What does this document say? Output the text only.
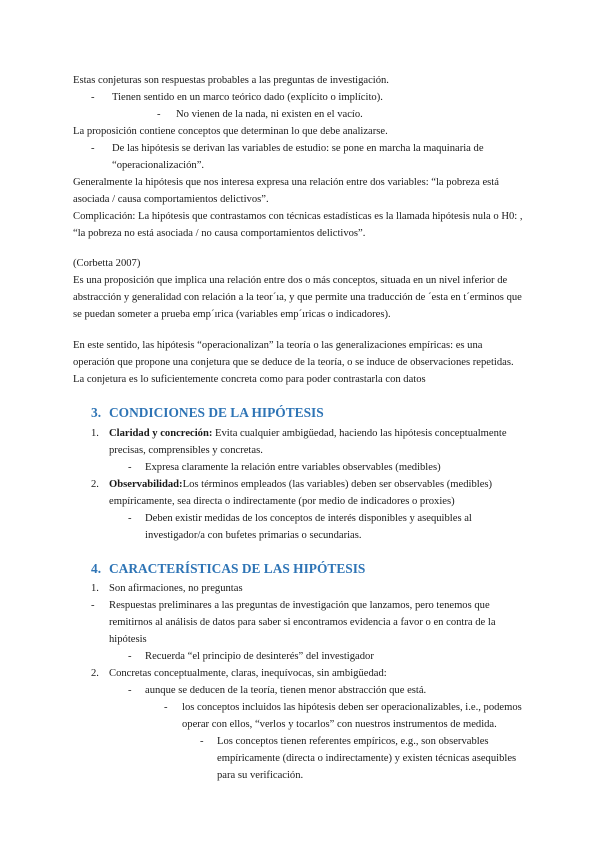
Estas conjeturas son respuestas probables a las preguntas de investigación.
- Tienen sentido en un marco teórico dado (explícito o implícito).
- No vienen de la nada, ni existen en el vacío.
La proposición contiene conceptos que determinan lo que debe analizarse.
- De las hipótesis se derivan las variables de estudio: se pone en marcha la maquinaria de
“operacionalización”.
Generalmente la hipótesis que nos interesa expresa una relación entre dos variables: “la pobreza está
asociada / causa comportamientos delictivos”.
Complicación: La hipótesis que contrastamos con técnicas estadísticas es la llamada hipótesis nula o H0: ,
“la pobreza no está asociada / no causa comportamientos delictivos”.
(Corbetta 2007)
Es una proposición que implica una relación entre dos o más conceptos, situada en un nivel inferior de
abstracción y generalidad con relación a la teor´ıa, y que permite una traducción de ´esta en t´erminos que
se puedan someter a prueba emp´ırica (variables emp´ıricas o indicadores).
En este sentido, las hipótesis “operacionalizan” la teoría o las generalizaciones empíricas: es una
operación que propone una conjetura que se deduce de la teoría, o se induce de observaciones repetidas.
La conjetura es lo suficientemente concreta como para poder contrastarla con datos
3. CONDICIONES DE LA HIPÓTESIS
1. Claridad y concreción: Evita cualquier ambigüedad, haciendo las hipótesis conceptualmente
precisas, comprensibles y concretas.
- Expresa claramente la relación entre variables observables (medibles)
2. Observabilidad:Los términos empleados (las variables) deben ser observables (medibles)
empíricamente, sea directa o indirectamente (por medio de indicadores o proxies)
- Deben existir medidas de los conceptos de interés disponibles y asequibles al
investigador/a con bufetes primarias o secundarias.
4. CARACTERÍSTICAS DE LAS HIPÓTESIS
1. Son afirmaciones, no preguntas
- Respuestas preliminares a las preguntas de investigación que lanzamos, pero tenemos que
remitirnos al análisis de datos para saber si encontramos evidencia a favor o en contra de la
hipótesis
- Recuerda “el principio de desinterés” del investigador
2. Concretas conceptualmente, claras, inequívocas, sin ambigüedad:
- aunque se deducen de la teoría, tienen menor abstracción que está.
- los conceptos incluidos las hipótesis deben ser operacionalizables, i.e., podemos
operar con ellos, “verlos y tocarlos” con nuestros instrumentos de medida.
- Los conceptos tienen referentes empíricos, e.g., son observables
empíricamente (directa o indirectamente) y existen técnicas asequibles
para su verificación.
